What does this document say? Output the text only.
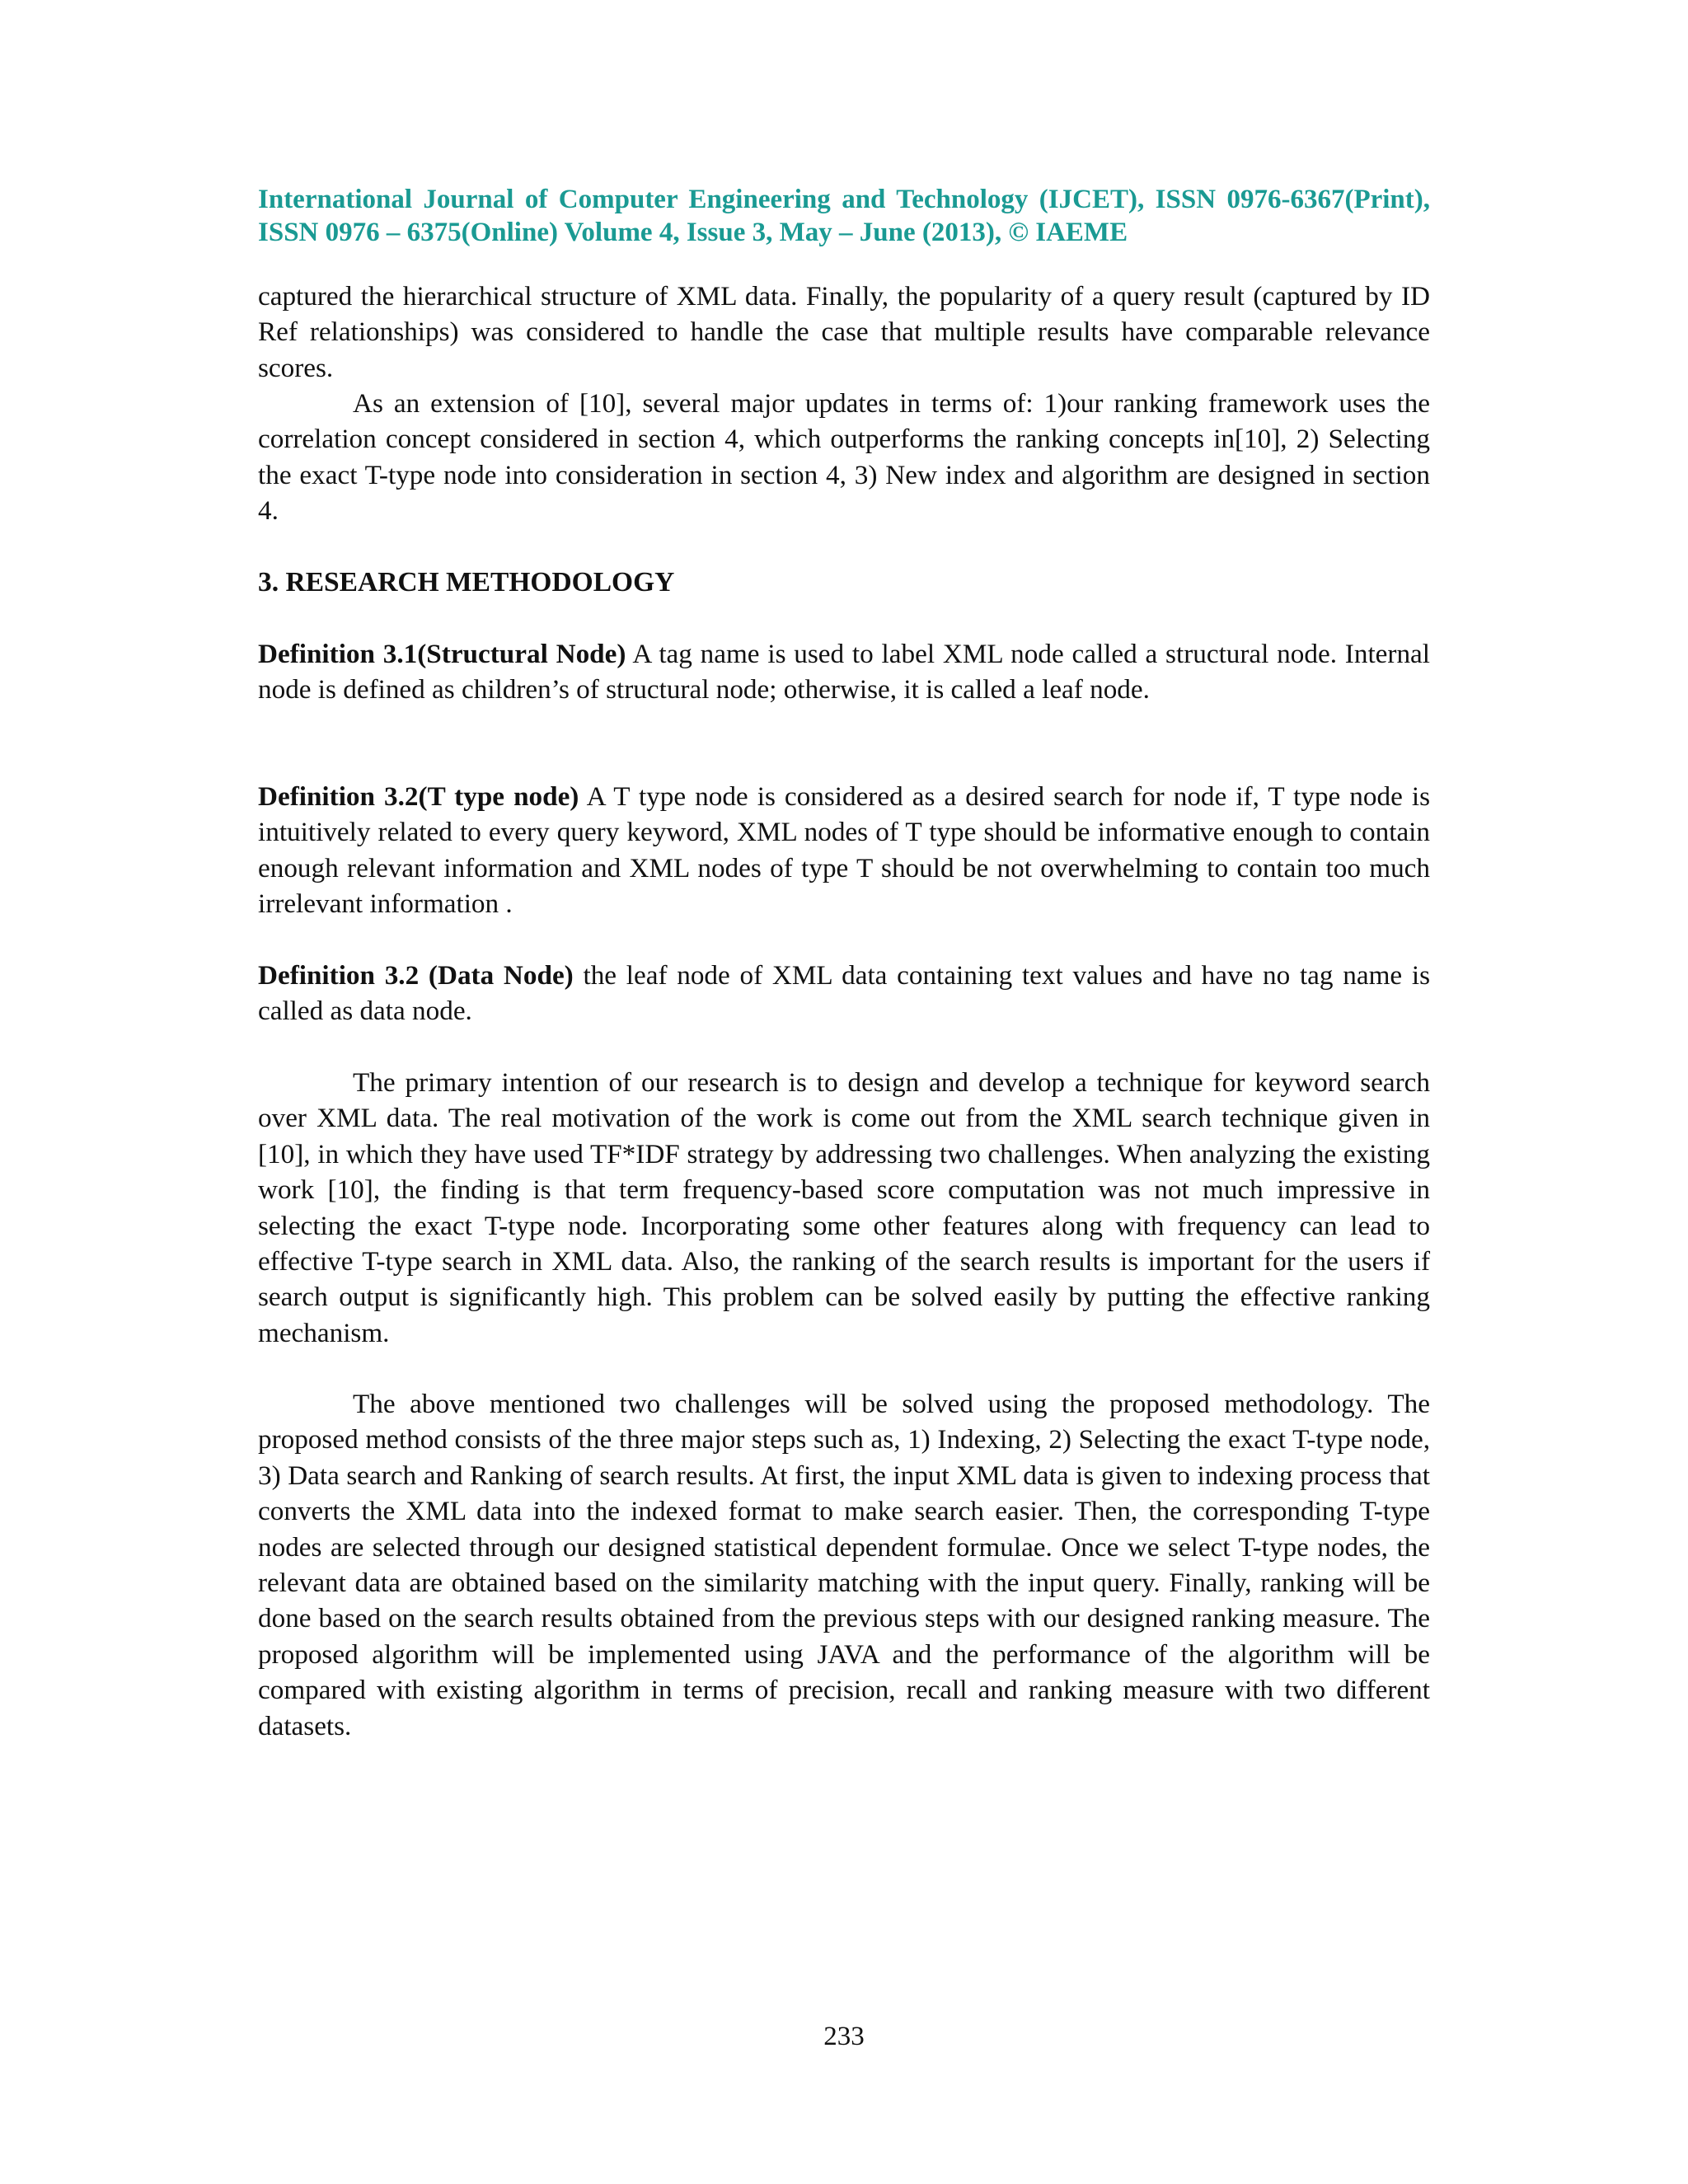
International Journal of Computer Engineering and Technology (IJCET), ISSN 0976-6367(Print), ISSN 0976 – 6375(Online) Volume 4, Issue 3, May – June (2013), © IAEME

captured the hierarchical structure of XML data. Finally, the popularity of a query result (captured by ID Ref relationships) was considered to handle the case that multiple results have comparable relevance scores.

As an extension of [10], several major updates in terms of: 1)our ranking framework uses the correlation concept considered in section 4, which outperforms the ranking concepts in[10], 2) Selecting the exact T-type node into consideration in section 4, 3) New index and algorithm are designed in section 4.

3. RESEARCH METHODOLOGY

Definition 3.1(Structural Node) A tag name is used to label XML node called a structural node. Internal node is defined as children’s of structural node; otherwise, it is called a leaf node.

Definition 3.2(T type node) A T type node is considered as a desired search for node if, T type node is intuitively related to every query keyword, XML nodes of T type should be informative enough to contain enough relevant information and XML nodes of type T should be not overwhelming to contain too much irrelevant information .

Definition 3.2 (Data Node) the leaf node of XML data containing text values and have no tag name is called as data node.

The primary intention of our research is to design and develop a technique for keyword search over XML data. The real motivation of the work is come out from the XML search technique given in [10], in which they have used TF*IDF strategy by addressing two challenges. When analyzing the existing work [10], the finding is that term frequency-based score computation was not much impressive in selecting the exact T-type node. Incorporating some other features along with frequency can lead to effective T-type search in XML data. Also, the ranking of the search results is important for the users if search output is significantly high. This problem can be solved easily by putting the effective ranking mechanism.

The above mentioned two challenges will be solved using the proposed methodology. The proposed method consists of the three major steps such as, 1) Indexing, 2) Selecting the exact T-type node, 3) Data search and Ranking of search results. At first, the input XML data is given to indexing process that converts the XML data into the indexed format to make search easier. Then, the corresponding T-type nodes are selected through our designed statistical dependent formulae. Once we select T-type nodes, the relevant data are obtained based on the similarity matching with the input query. Finally, ranking will be done based on the search results obtained from the previous steps with our designed ranking measure. The proposed algorithm will be implemented using JAVA and the performance of the algorithm will be compared with existing algorithm in terms of precision, recall and ranking measure with two different datasets.

233
